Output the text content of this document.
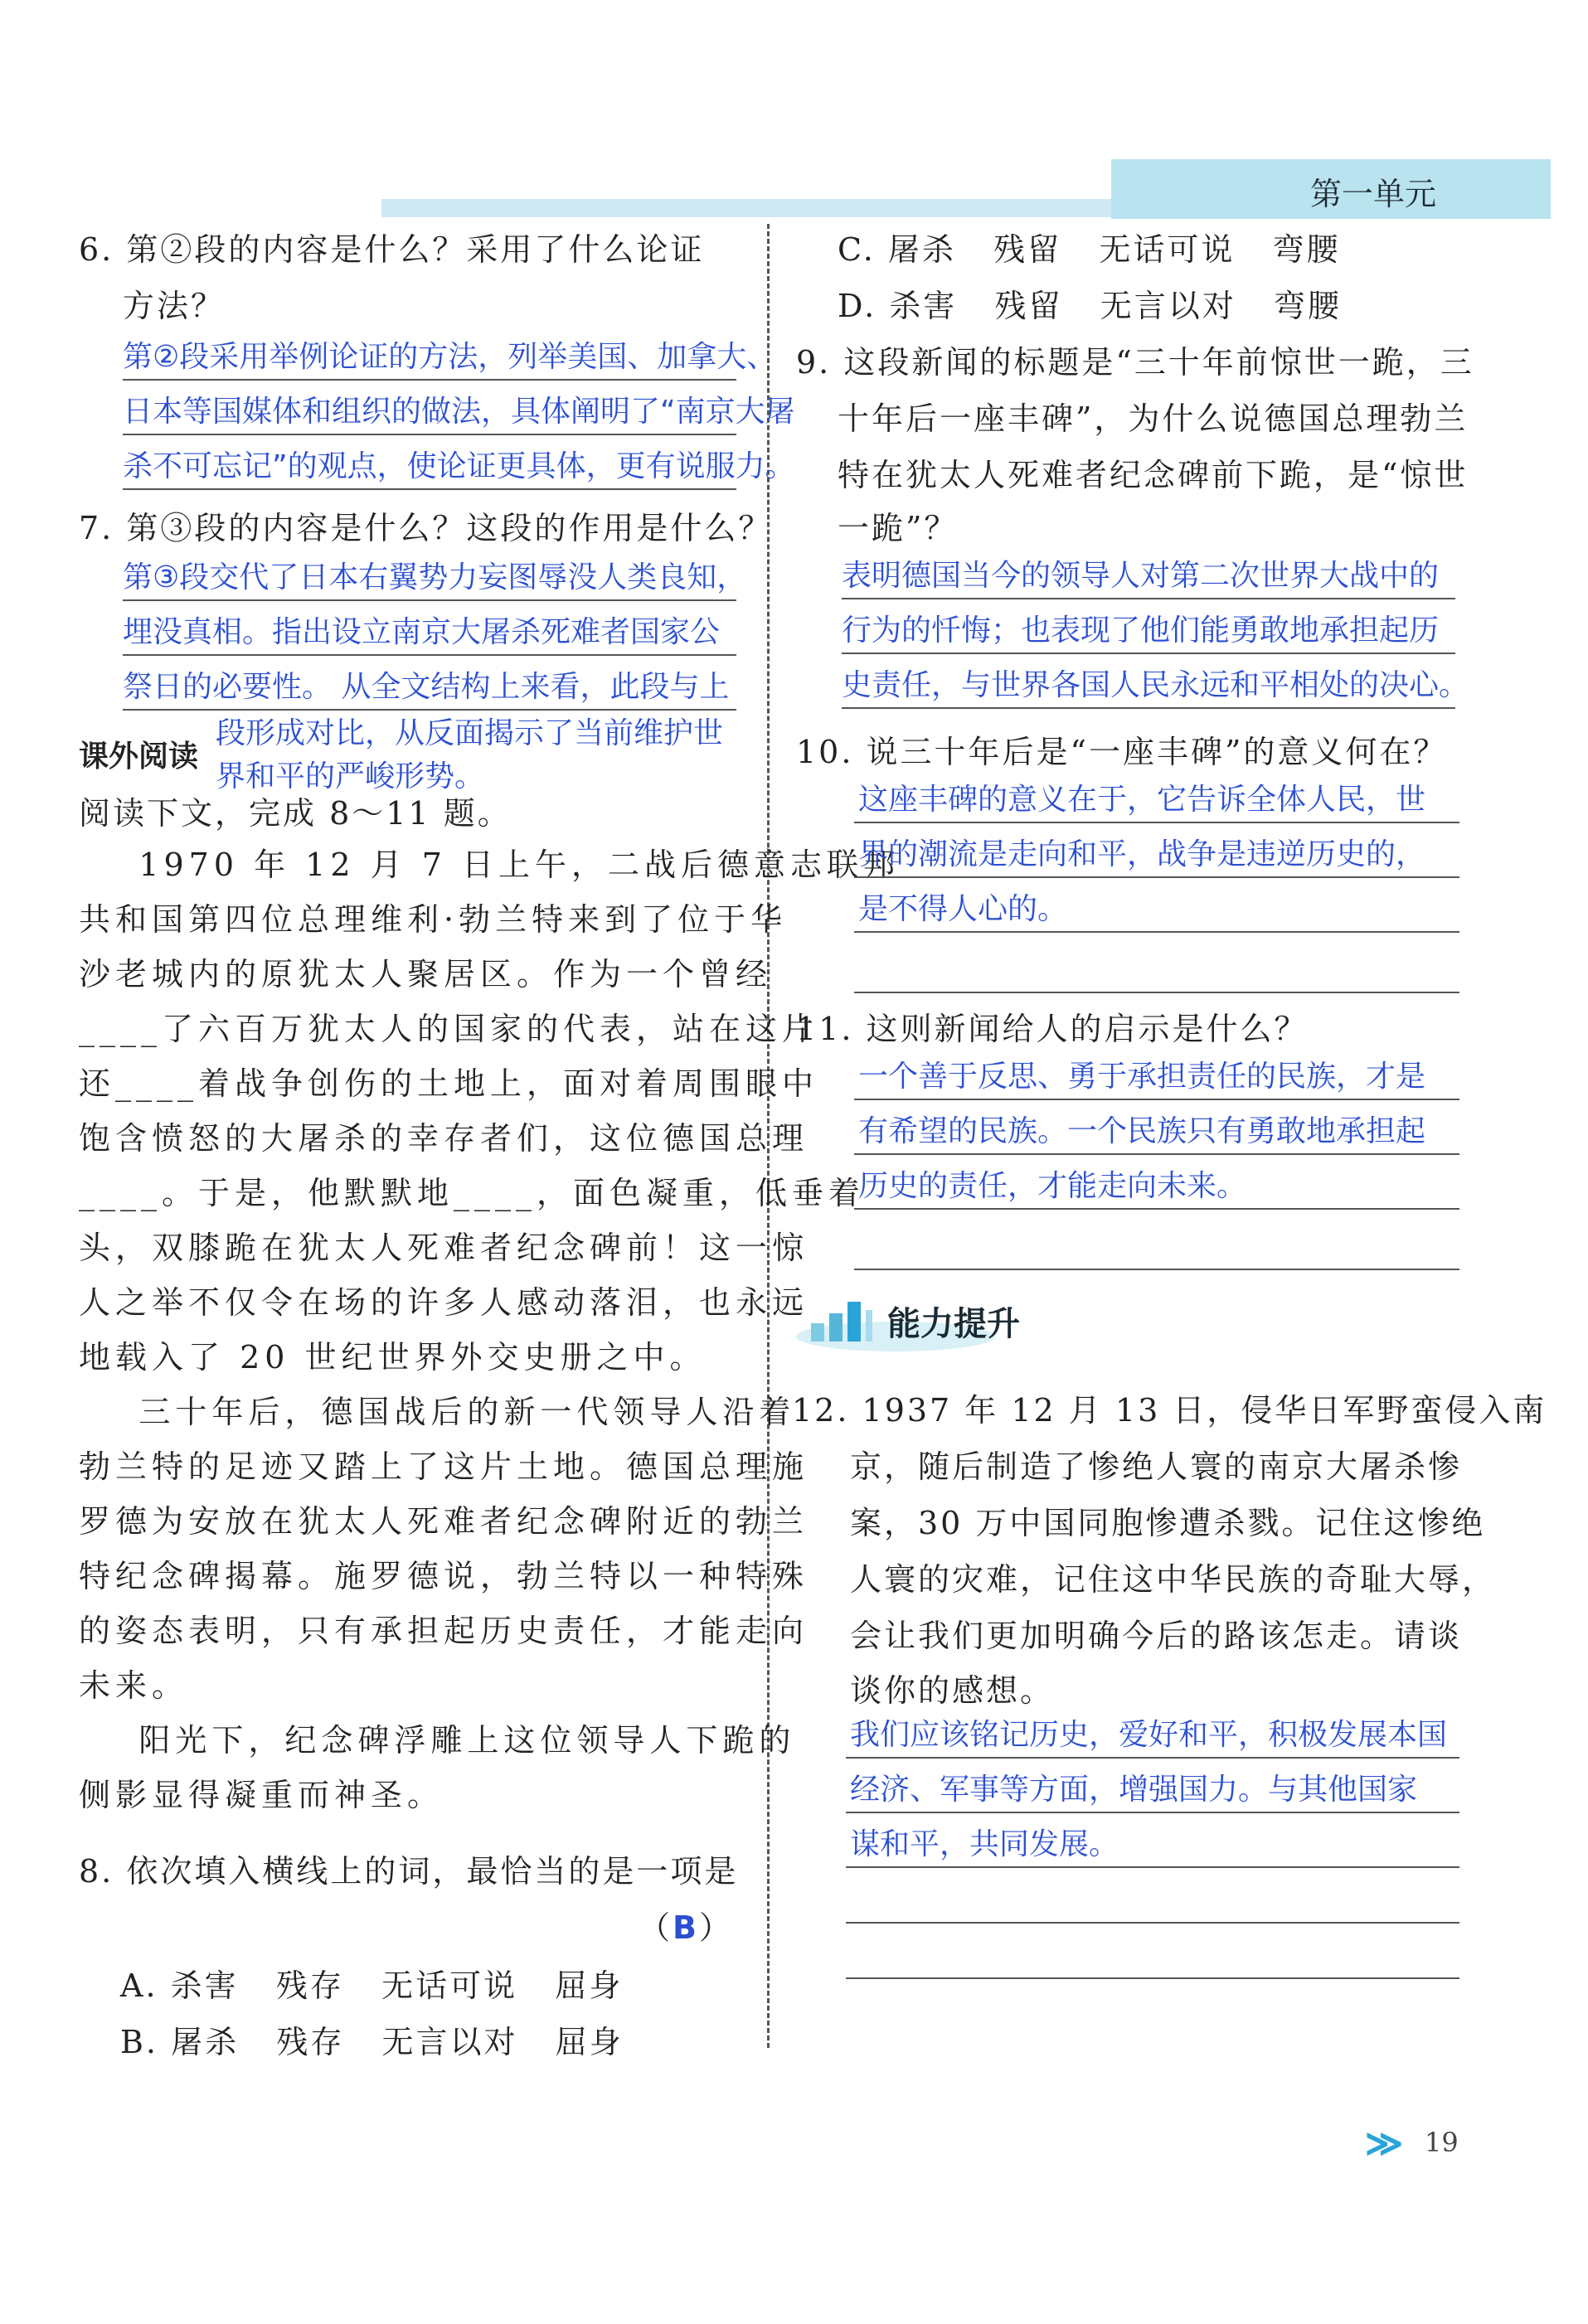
第一单元
6. 第②段的内容是什么？采用了什么论证
方法？
第②段采用举例论证的方法，列举美国、加拿大、
日本等国媒体和组织的做法，具体阐明了“南京大屠
杀不可忘记”的观点，使论证更具体，更有说服力。
7. 第③段的内容是什么？这段的作用是什么？
第③段交代了日本右翼势力妄图辱没人类良知，
埋没真相。指出设立南京大屠杀死难者国家公
祭日的必要性。 从全文结构上来看，此段与上
段形成对比，从反面揭示了当前维护世
界和平的严峻形势。
课外阅读
阅读下文，完成 8～11 题。
1970 年 12 月 7 日上午，二战后德意志联邦
共和国第四位总理维利·勃兰特来到了位于华
沙老城内的原犹太人聚居区。作为一个曾经
____了六百万犹太人的国家的代表，站在这片
还____着战争创伤的土地上，面对着周围眼中
饱含愤怒的大屠杀的幸存者们，这位德国总理
____。于是，他默默地____，面色凝重，低垂着
头，双膝跪在犹太人死难者纪念碑前！这一惊
人之举不仅令在场的许多人感动落泪，也永远
地载入了 20 世纪世界外交史册之中。
三十年后，德国战后的新一代领导人沿着
勃兰特的足迹又踏上了这片土地。德国总理施
罗德为安放在犹太人死难者纪念碑附近的勃兰
特纪念碑揭幕。施罗德说，勃兰特以一种特殊
的姿态表明，只有承担起历史责任，才能走向
未来。
阳光下，纪念碑浮雕上这位领导人下跪的
侧影显得凝重而神圣。
8. 依次填入横线上的词，最恰当的是一项是
（B）
A. 杀害   残存   无话可说   屈身
B. 屠杀   残存   无言以对   屈身
C. 屠杀   残留   无话可说   弯腰
D. 杀害   残留   无言以对   弯腰
9. 这段新闻的标题是“三十年前惊世一跪，三
十年后一座丰碑”，为什么说德国总理勃兰
特在犹太人死难者纪念碑前下跪，是“惊世
一跪”？
表明德国当今的领导人对第二次世界大战中的
行为的忏悔；也表现了他们能勇敢地承担起历
史责任，与世界各国人民永远和平相处的决心。
10. 说三十年后是“一座丰碑”的意义何在？
这座丰碑的意义在于，它告诉全体人民，世
界的潮流是走向和平，战争是违逆历史的，
是不得人心的。
11. 这则新闻给人的启示是什么？
一个善于反思、勇于承担责任的民族，才是
有希望的民族。一个民族只有勇敢地承担起
历史的责任，才能走向未来。
能力提升
12. 1937 年 12 月 13 日，侵华日军野蛮侵入南
京，随后制造了惨绝人寰的南京大屠杀惨
案，30 万中国同胞惨遭杀戮。记住这惨绝
人寰的灾难，记住这中华民族的奇耻大辱，
会让我们更加明确今后的路该怎走。请谈
谈你的感想。
我们应该铭记历史，爱好和平，积极发展本国
经济、军事等方面，增强国力。与其他国家
谋和平，共同发展。
≫ 19
